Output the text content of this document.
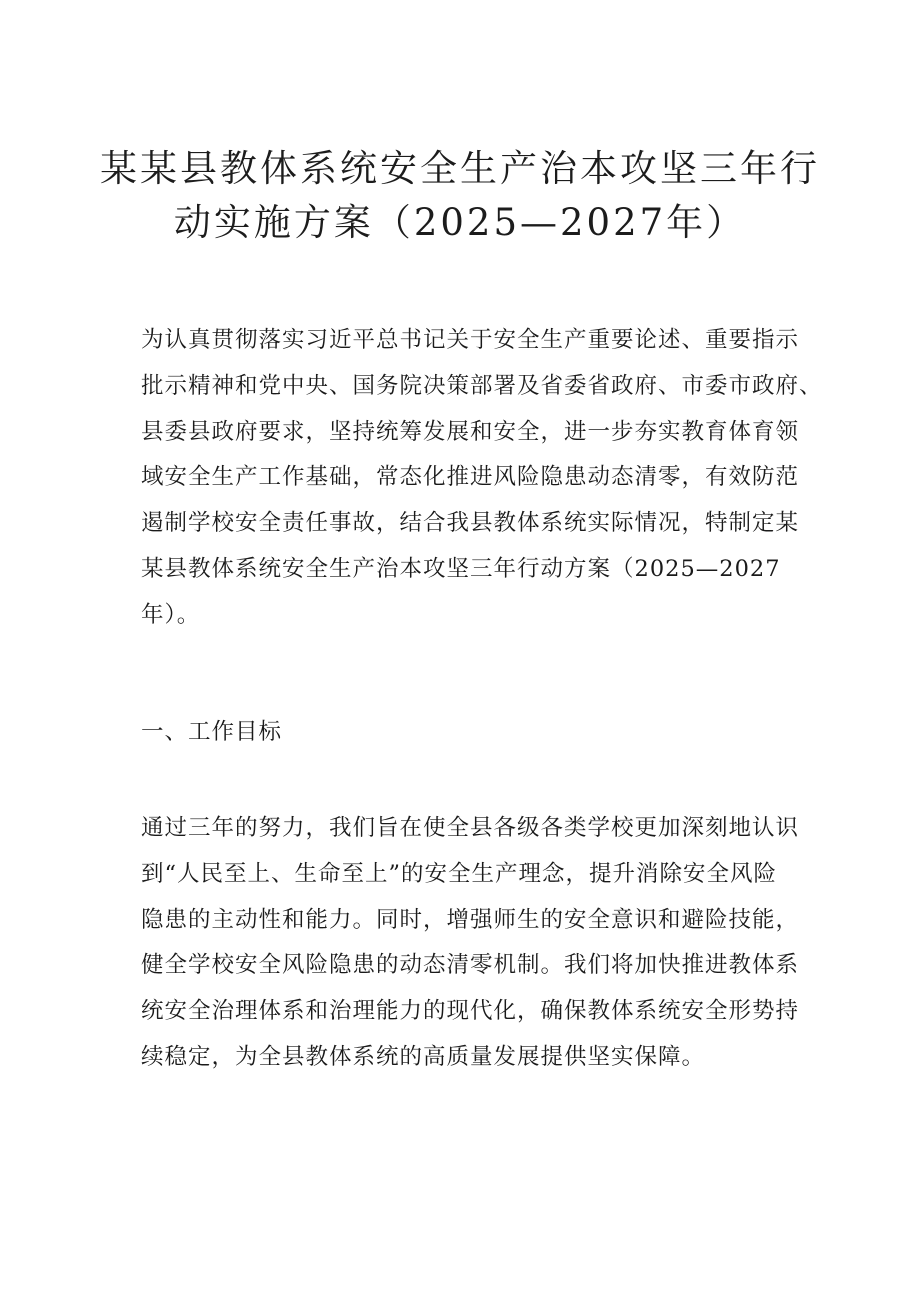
某某县教体系统安全生产治本攻坚三年行
动实施方案（2025—2027年）
为认真贯彻落实习近平总书记关于安全生产重要论述、重要指示
批示精神和党中央、国务院决策部署及省委省政府、市委市政府、
县委县政府要求，坚持统筹发展和安全，进一步夯实教育体育领
域安全生产工作基础，常态化推进风险隐患动态清零，有效防范
遏制学校安全责任事故，结合我县教体系统实际情况，特制定某
某县教体系统安全生产治本攻坚三年行动方案（2025—2027
年）。
一、工作目标
通过三年的努力，我们旨在使全县各级各类学校更加深刻地认识
到“人民至上、生命至上”的安全生产理念，提升消除安全风险
隐患的主动性和能力。同时，增强师生的安全意识和避险技能，
健全学校安全风险隐患的动态清零机制。我们将加快推进教体系
统安全治理体系和治理能力的现代化，确保教体系统安全形势持
续稳定，为全县教体系统的高质量发展提供坚实保障。
